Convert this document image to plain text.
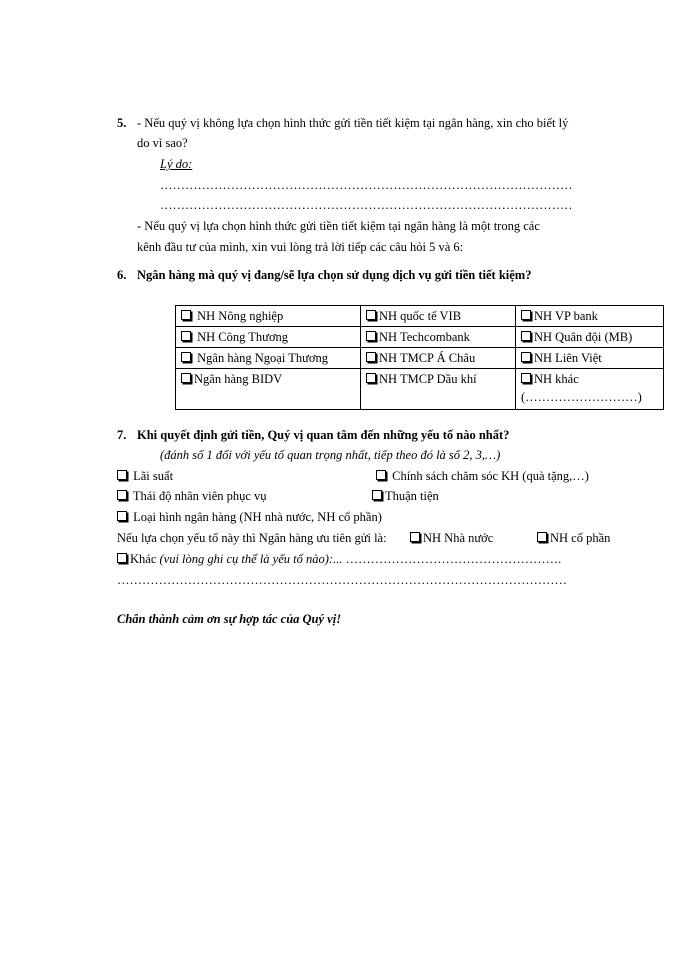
5. - Nếu quý vị không lựa chọn hình thức gửi tiền tiết kiệm tại ngân hàng, xin cho biết lý
do vì sao?
Lý do:
………………………………………………………………………………………
………………………………………………………………………………………
- Nếu quý vị lựa chọn hình thức gửi tiền tiết kiệm tại ngân hàng là một trong các
kênh đầu tư của mình, xin vui lòng trả lời tiếp các câu hỏi 5 và 6:
6. Ngân hàng mà quý vị đang/sẽ lựa chọn sử dụng dịch vụ gửi tiền tiết kiệm?
NH Nông nghiệp	NH quốc tế VIB	NH VP bank
NH Công Thương	NH Techcombank	NH Quân đội (MB)
Ngân hàng Ngoại Thương	NH TMCP Á Châu	NH Liên Việt
Ngân hàng BIDV	NH TMCP Dầu khí	NH khác
(………………………)
7. Khi quyết định gửi tiền, Quý vị quan tâm đến những yếu tố nào nhất?
(đánh số 1 đối với yếu tố quan trọng nhất, tiếp theo đó là số 2, 3,…)
Lãi suất	Chính sách chăm sóc KH (quà tặng,…)
Thái độ nhân viên phục vụ	Thuận tiện
Loại hình ngân hàng (NH nhà nước, NH cổ phần)
Nếu lựa chọn yếu tố này thì Ngân hàng ưu tiên gửi là:	NH Nhà nước	NH cổ phần
Khác (vui lòng ghi cụ thể là yếu tố nào):... …………………………………………….
………………………………………………………………………………………………
Chân thành cảm ơn sự hợp tác của Quý vị!
